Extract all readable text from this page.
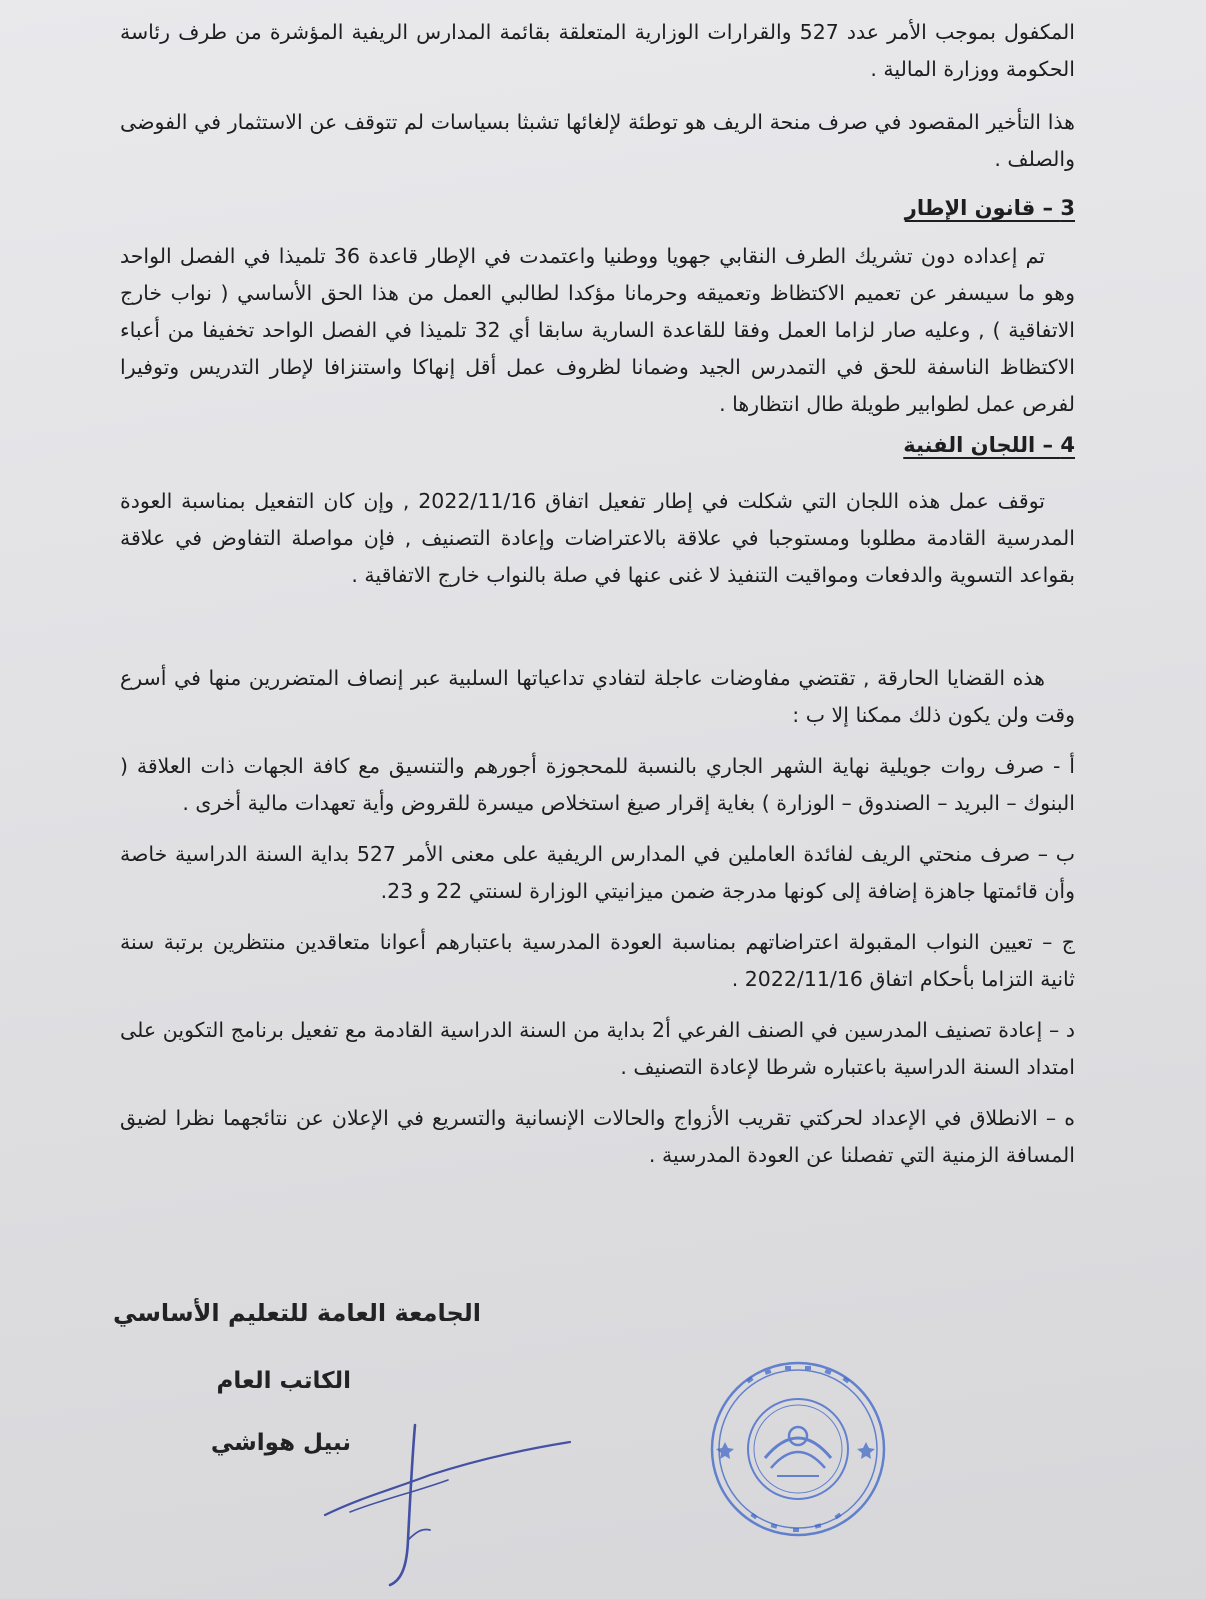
المكفول بموجب الأمر عدد 527 والقرارات الوزارية المتعلقة بقائمة المدارس الريفية المؤشرة من طرف رئاسة الحكومة ووزارة المالية .

هذا التأخير المقصود في صرف منحة الريف هو توطئة لإلغائها تشبثا بسياسات لم تتوقف عن الاستثمار في الفوضى والصلف .

3 – قانون الإطار

تم إعداده دون تشريك الطرف النقابي جهويا ووطنيا واعتمدت في الإطار قاعدة 36 تلميذا في الفصل الواحد وهو ما سيسفر عن تعميم الاكتظاظ وتعميقه وحرمانا مؤكدا لطالبي العمل من هذا الحق الأساسي ( نواب خارج الاتفاقية ) , وعليه صار لزاما العمل وفقا للقاعدة السارية سابقا أي 32 تلميذا في الفصل الواحد تخفيفا من أعباء الاكتظاظ الناسفة للحق في التمدرس الجيد وضمانا لظروف عمل أقل إنهاكا واستنزافا لإطار التدريس وتوفيرا لفرص عمل لطوابير طويلة طال انتظارها .

4 – اللجان الفنية

توقف عمل هذه اللجان التي شكلت في إطار تفعيل اتفاق 2022/11/16 , وإن كان التفعيل بمناسبة العودة المدرسية القادمة مطلوبا ومستوجبا في علاقة بالاعتراضات وإعادة التصنيف , فإن مواصلة التفاوض في علاقة بقواعد التسوية والدفعات ومواقيت التنفيذ لا غنى عنها في صلة بالنواب خارج الاتفاقية .

هذه القضايا الحارقة , تقتضي مفاوضات عاجلة لتفادي تداعياتها السلبية عبر إنصاف المتضررين منها في أسرع وقت ولن يكون ذلك ممكنا إلا ب :

أ - صرف روات جويلية نهاية الشهر الجاري بالنسبة للمحجوزة أجورهم والتنسيق مع كافة الجهات ذات العلاقة ( البنوك – البريد – الصندوق – الوزارة ) بغاية إقرار صيغ استخلاص ميسرة للقروض وأية تعهدات مالية أخرى .

ب – صرف منحتي الريف لفائدة العاملين في المدارس الريفية على معنى الأمر 527 بداية السنة الدراسية خاصة وأن قائمتها جاهزة إضافة إلى كونها مدرجة ضمن ميزانيتي الوزارة لسنتي 22 و 23.

ج – تعيين النواب المقبولة اعتراضاتهم بمناسبة العودة المدرسية باعتبارهم أعوانا متعاقدين منتظرين برتبة سنة ثانية التزاما بأحكام اتفاق 2022/11/16 .

د – إعادة تصنيف المدرسين في الصنف الفرعي أ2 بداية من السنة الدراسية القادمة مع تفعيل برنامج التكوين على امتداد السنة الدراسية باعتباره شرطا لإعادة التصنيف .

ه – الانطلاق في الإعداد لحركتي تقريب الأزواج والحالات الإنسانية والتسريع في الإعلان عن نتائجهما نظرا لضيق المسافة الزمنية التي تفصلنا عن العودة المدرسية .

الجامعة العامة للتعليم الأساسي
الكاتب العام
نبيل هواشي
